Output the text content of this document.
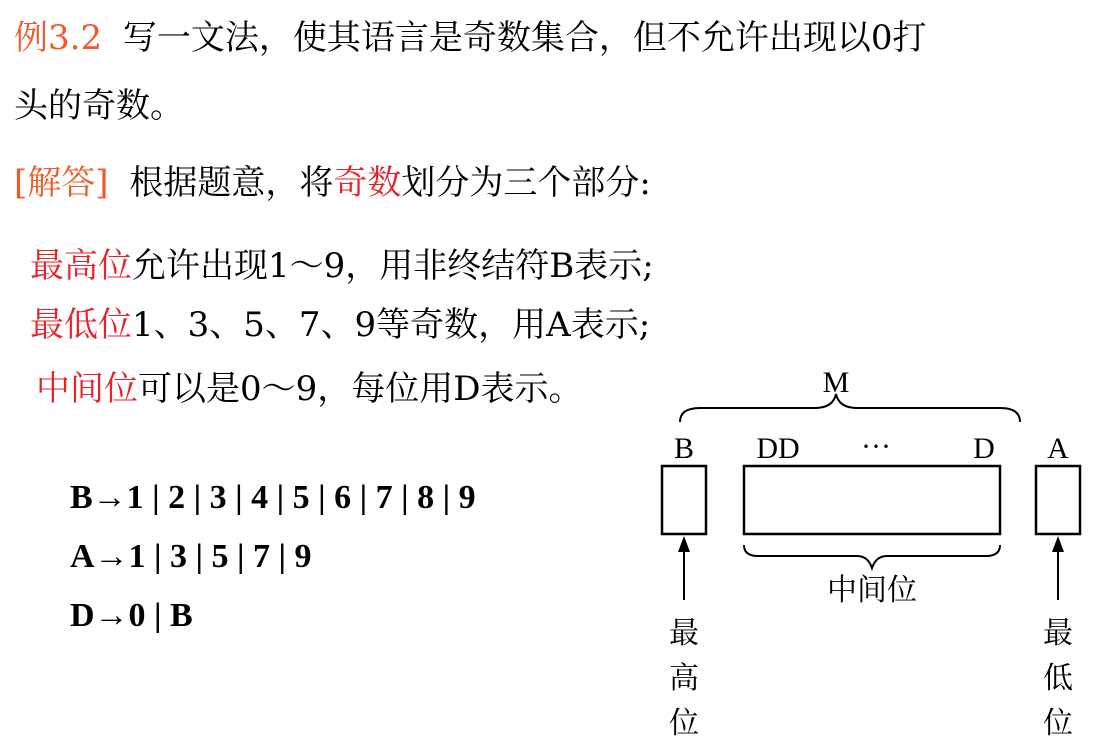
例3.2 写一文法，使其语言是奇数集合，但不允许出现以0打
头的奇数。
[解答] 根据题意，将奇数划分为三个部分:
最高位允许出现1～9，用非终结符B表示;
最低位1、3、5、7、9等奇数，用A表示;
中间位可以是0～9，每位用D表示。
B→1 | 2 | 3 | 4 | 5 | 6 | 7 | 8 | 9
A→1 | 3 | 5 | 7 | 9
D→0 | B
M
B DD ···	D A
中间位
最
高
位
最
低
位
